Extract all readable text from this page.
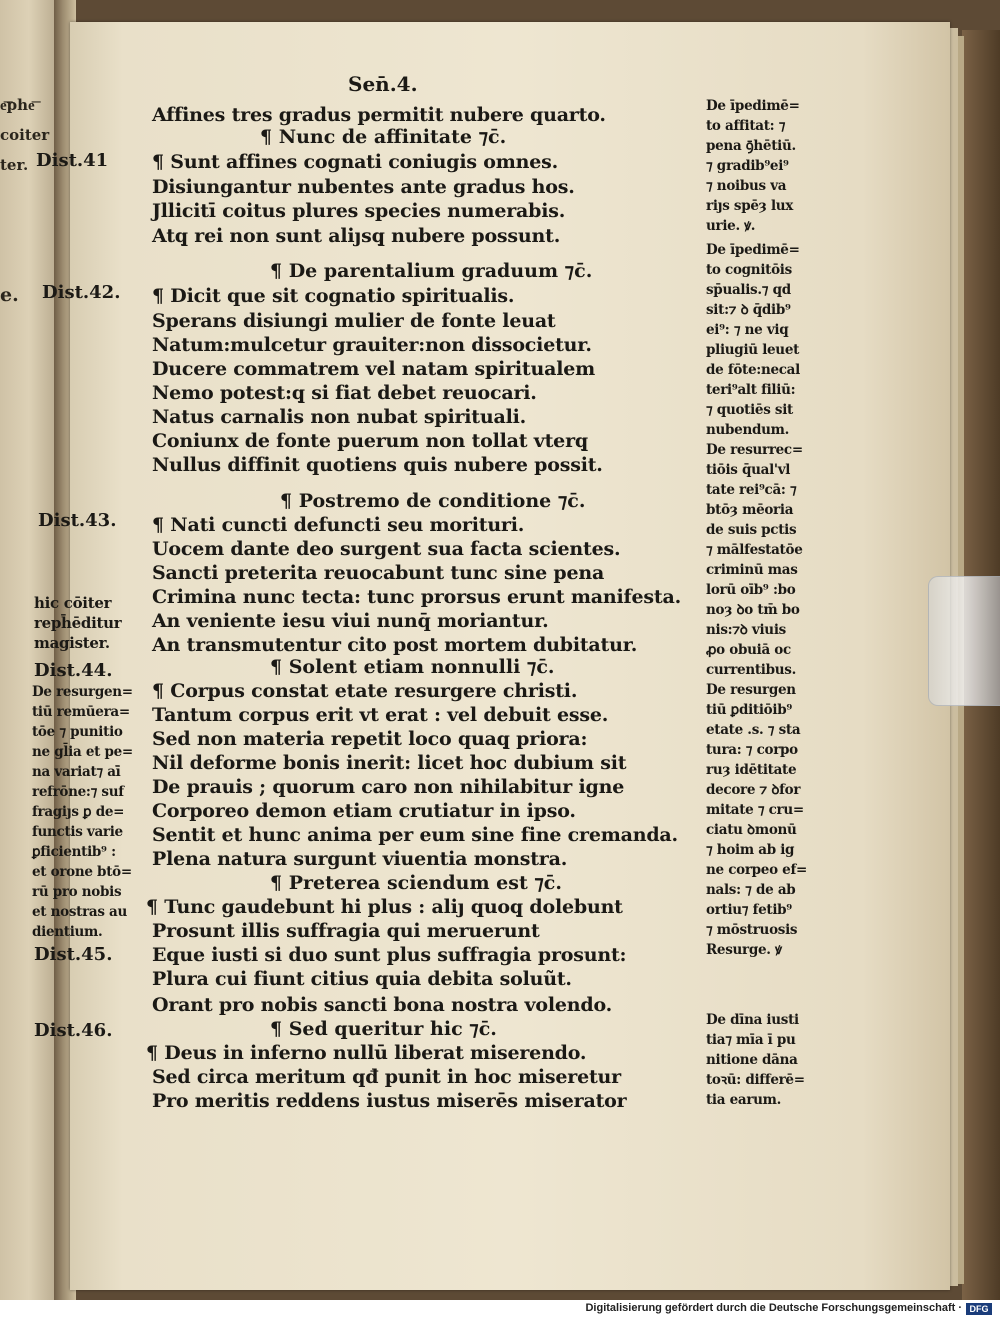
e͞phe͞
coiter
ter.
e.
Sen̄.4.
Affines tres gradus permitit nubere quarto.
¶ Nunc de affinitate ⁊c̄.
¶ Sunt affines cognati coniugis omnes.
Disiungantur nubentes ante gradus hos.
Jllicitī coitus plures species numerabis.
Atq̧ rei non sunt aliȷsq̧ nubere possunt.
¶ De parentalium graduum ⁊c̄.
¶ Dicit que sit cognatio spiritualis.
Sperans disiungi mulier de fonte leuat
Natum:mulcetur grauiter:non dissocietur.
Ducere commatrem vel natam spiritualem
Nemo potest:q̧ si fiat debet reuocari.
Natus carnalis non nubat spirituali.
Coniunx de fonte puerum non tollat vterq̧
Nullus diffinit quotiens quis nubere possit.
¶ Postremo de conditione ⁊c̄.
¶ Nati cuncti defuncti seu morituri.
Uocem dante deo surgent sua facta scientes.
Sancti preterita reuocabunt tunc sine pena
Crimina nunc tecta: tunc prorsus erunt manifesta.
An veniente iesu viui nunq̄ moriantur.
An transmutentur cito post mortem dubitatur.
¶ Solent etiam nonnulli ⁊c̄.
¶ Corpus constat etate resurgere christi.
Tantum corpus erit vt erat : vel debuit esse.
Sed non materia repetit loco quaq̧ priora:
Nil deforme bonis inerit: licet hoc dubium sit
De prauis ; quorum caro non nihilabitur igne
Corporeo demon etiam crutiatur in ipso.
Sentit et hunc anima per eum sine fine cremanda.
Plena natura surgunt viuentia monstra.
¶ Preterea sciendum est ⁊c̄.
¶ Tunc gaudebunt hi plus : aliȷ quoq̧ dolebunt
Prosunt illis suffragia qui meruerunt
Eque iusti si duo sunt plus suffragia prosunt:
Plura cui fiunt citius quia debita soluũt.
Orant pro nobis sancti bona nostra volendo.
¶ Sed queritur hic ⁊c̄.
¶ Deus in inferno nullū liberat miserendo.
Sed circa meritum qđ punit in hoc miseretur
Pro meritis reddens iustus miserēs miserator
Dist.41
Dist.42.
Dist.43.
Dist.44.
Dist.45.
Dist.46.
hic cōiter
reph̄ēditur
magister.
De resurgen=
tiū remūera=
tōe ⁊ punitio
ne gl̄ia et pe=
na variat⁊ aī̄
refrōne:⁊ suf
fragiȷs ꝑ de=
functis varie
ꝑficientib⁹ :
et orone btō=
rū pro nobis
et nostras au
dientium.
De īpedimē=
to affitat: ⁊
pena ꝯ̄hētiū.
⁊ gradib⁹ei⁹
⁊ noibus va
riȷs spēȝ lux
urie. ꝟ.
De īpedimē=
to cognitōis
sp̄ualis.⁊ qd
sit:⁊ ꝺ q̄dib⁹
ei⁹: ⁊ ne viq̧
pliugiū leuet
de fōte:necal
teri⁹alt filiū:
⁊ quotiēs sit
nubendum.
De resurrec=
tiōis q̄ual'vl
tate rei⁹cā: ⁊
btōȝ mēoria
de suis pctis
⁊ mālfestatōe
criminū mas
lorū oīb⁹ :bo
noȝ ꝺo tm̄ bo
nis:⁊ꝺ viuis
ꝓo obuiā oc
currentibus.
De resurgen
tiū ꝑditiōib⁹
etate .s. ⁊ sta
tura: ⁊ corpo
ruȝ idētitate
decore ⁊ ꝺfor
mitate ⁊ cru=
ciatu ꝺmonū
⁊ hoim ab ig
ne corpeo ef=
nals: ⁊ de ab
ortiu⁊ fetib⁹
⁊ mōstruosis
Resurge. ꝟ
De dīna iusti
tia⁊ mīa ī pu
nitione dāna
toꝛū: differē=
tia earum.
Digitalisierung gefördert durch die Deutsche Forschungsgemeinschaft · DFG
